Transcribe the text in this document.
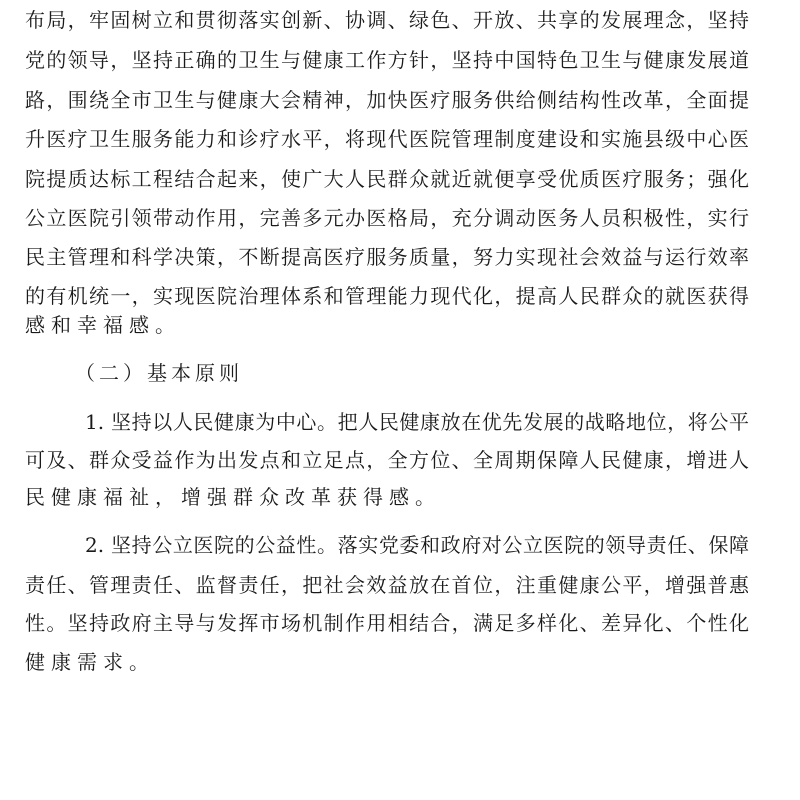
布局，牢固树立和贯彻落实创新、协调、绿色、开放、共享的发展理念，坚持
党的领导，坚持正确的卫生与健康工作方针，坚持中国特色卫生与健康发展道
路，围绕全市卫生与健康大会精神，加快医疗服务供给侧结构性改革，全面提
升医疗卫生服务能力和诊疗水平，将现代医院管理制度建设和实施县级中心医
院提质达标工程结合起来，使广大人民群众就近就便享受优质医疗服务；强化
公立医院引领带动作用，完善多元办医格局，充分调动医务人员积极性，实行
民主管理和科学决策，不断提高医疗服务质量，努力实现社会效益与运行效率
的有机统一，实现医院治理体系和管理能力现代化，提高人民群众的就医获得
感和幸福感。
（二）基本原则
1. 坚持以人民健康为中心。把人民健康放在优先发展的战略地位，将公平
可及、群众受益作为出发点和立足点，全方位、全周期保障人民健康，增进人
民健康福祉，增强群众改革获得感。
2. 坚持公立医院的公益性。落实党委和政府对公立医院的领导责任、保障
责任、管理责任、监督责任，把社会效益放在首位，注重健康公平，增强普惠
性。坚持政府主导与发挥市场机制作用相结合，满足多样化、差异化、个性化
健康需求。
